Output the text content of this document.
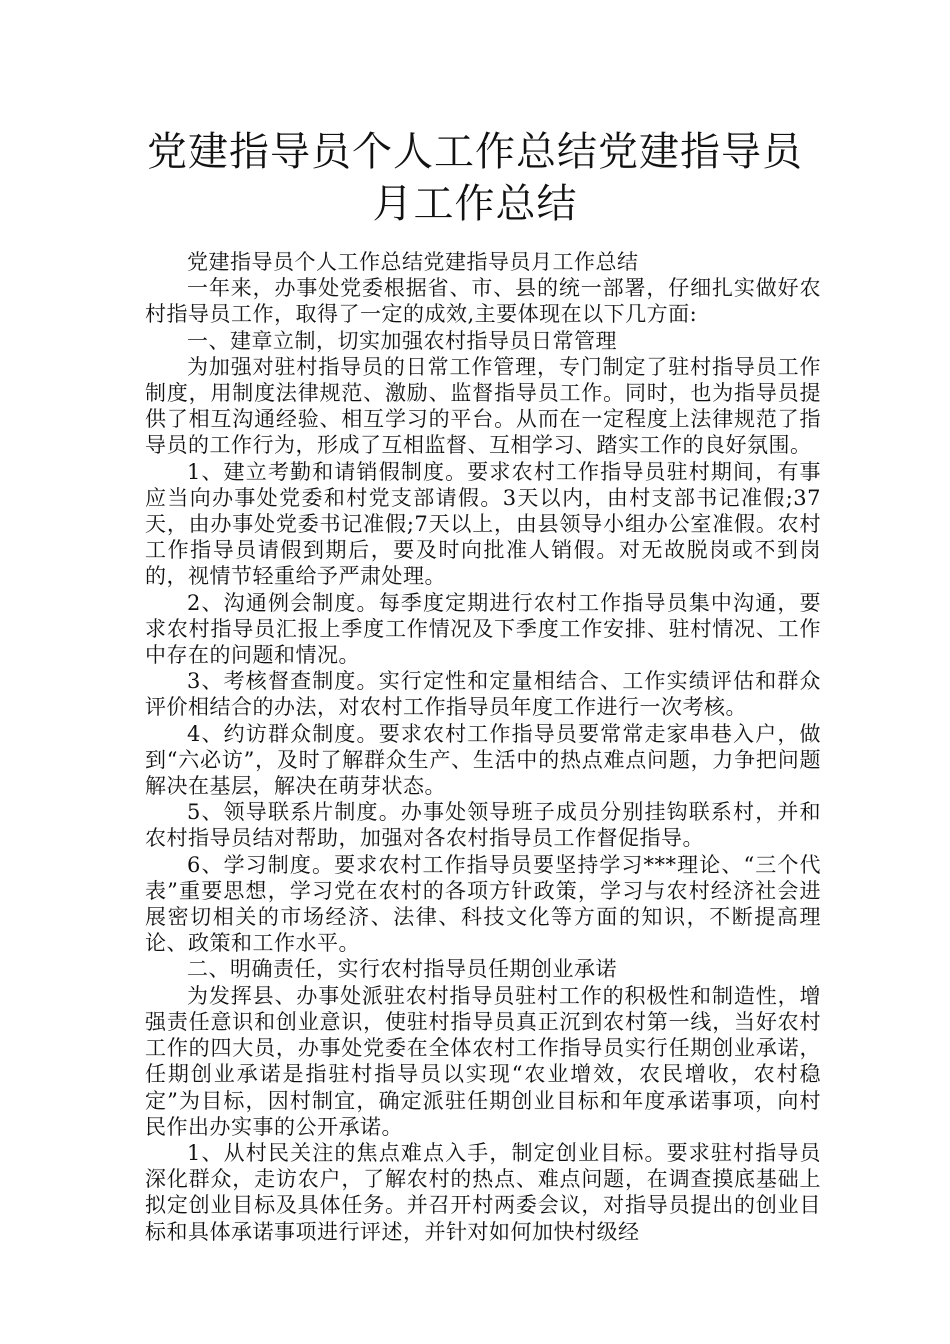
党建指导员个人工作总结党建指导员月工作总结

党建指导员个人工作总结党建指导员月工作总结

一年来，办事处党委根据省、市、县的统一部署，仔细扎实做好农村指导员工作，取得了一定的成效,主要体现在以下几方面:

一、建章立制，切实加强农村指导员日常管理

为加强对驻村指导员的日常工作管理，专门制定了驻村指导员工作制度，用制度法律规范、激励、监督指导员工作。同时，也为指导员提供了相互沟通经验、相互学习的平台。从而在一定程度上法律规范了指导员的工作行为，形成了互相监督、互相学习、踏实工作的良好氛围。

1、建立考勤和请销假制度。要求农村工作指导员驻村期间，有事应当向办事处党委和村党支部请假。3天以内，由村支部书记准假;37天，由办事处党委书记准假;7天以上，由县领导小组办公室准假。农村工作指导员请假到期后，要及时向批准人销假。对无故脱岗或不到岗的，视情节轻重给予严肃处理。

2、沟通例会制度。每季度定期进行农村工作指导员集中沟通，要求农村指导员汇报上季度工作情况及下季度工作安排、驻村情况、工作中存在的问题和情况。

3、考核督查制度。实行定性和定量相结合、工作实绩评估和群众评价相结合的办法，对农村工作指导员年度工作进行一次考核。

4、约访群众制度。要求农村工作指导员要常常走家串巷入户，做到“六必访”，及时了解群众生产、生活中的热点难点问题，力争把问题解决在基层，解决在萌芽状态。

5、领导联系片制度。办事处领导班子成员分别挂钩联系村，并和农村指导员结对帮助，加强对各农村指导员工作督促指导。

6、学习制度。要求农村工作指导员要坚持学习***理论、“三个代表”重要思想，学习党在农村的各项方针政策，学习与农村经济社会进展密切相关的市场经济、法律、科技文化等方面的知识，不断提高理论、政策和工作水平。

二、明确责任，实行农村指导员任期创业承诺

为发挥县、办事处派驻农村指导员驻村工作的积极性和制造性，增强责任意识和创业意识，使驻村指导员真正沉到农村第一线，当好农村工作的四大员，办事处党委在全体农村工作指导员实行任期创业承诺，任期创业承诺是指驻村指导员以实现“农业增效，农民增收，农村稳定”为目标，因村制宜，确定派驻任期创业目标和年度承诺事项，向村民作出办实事的公开承诺。

1、从村民关注的焦点难点入手，制定创业目标。要求驻村指导员深化群众，走访农户，了解农村的热点、难点问题，在调查摸底基础上拟定创业目标及具体任务。并召开村两委会议，对指导员提出的创业目标和具体承诺事项进行评述，并针对如何加快村级经
